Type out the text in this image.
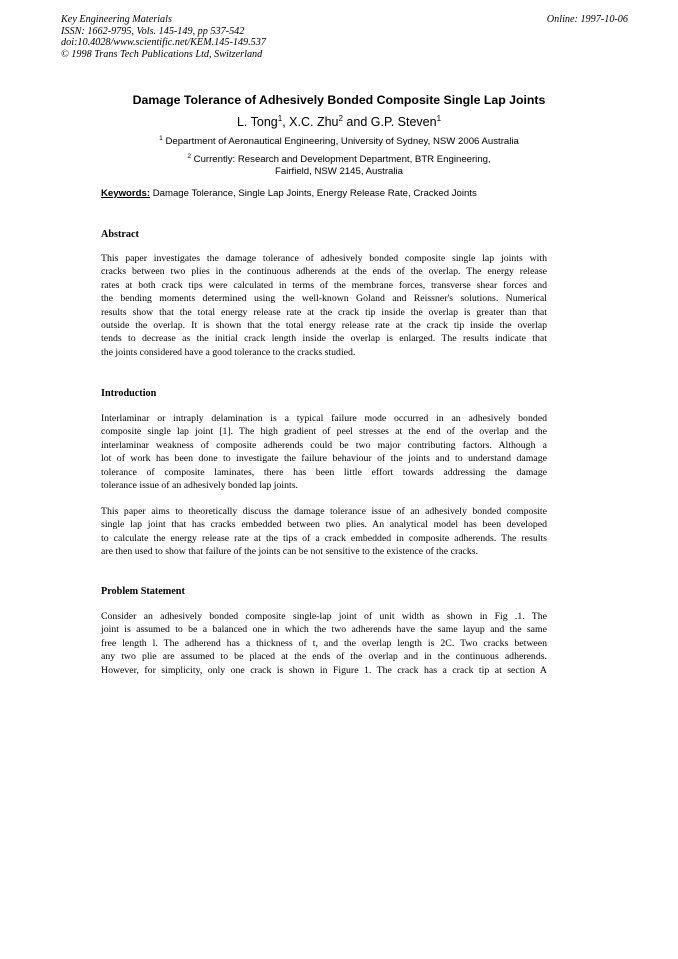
Key Engineering Materials
ISSN: 1662-9795, Vols. 145-149, pp 537-542
doi:10.4028/www.scientific.net/KEM.145-149.537
© 1998 Trans Tech Publications Ltd, Switzerland
Online: 1997-10-06
Damage Tolerance of Adhesively Bonded Composite Single Lap Joints
L. Tong$^1$, X.C. Zhu$^2$ and G.P. Steven$^1$
$^1$ Department of Aeronautical Engineering, University of Sydney, NSW 2006 Australia
$^2$ Currently: Research and Development Department, BTR Engineering,
Fairfield, NSW 2145, Australia
Keywords: Damage Tolerance, Single Lap Joints, Energy Release Rate, Cracked Joints
Abstract
This paper investigates the damage tolerance of adhesively bonded composite single lap joints with
cracks between two plies in the continuous adherends at the ends of the overlap. The energy release
rates at both crack tips were calculated in terms of the membrane forces, transverse shear forces and
the bending moments determined using the well-known Goland and Reissner's solutions. Numerical
results show that the total energy release rate at the crack tip inside the overlap is greater than that
outside the overlap. It is shown that the total energy release rate at the crack tip inside the overlap
tends to decrease as the initial crack length inside the overlap is enlarged. The results indicate that
the joints considered have a good tolerance to the cracks studied.
Introduction
Interlaminar or intraply delamination is a typical failure mode occurred in an adhesively bonded
composite single lap joint [1]. The high gradient of peel stresses at the end of the overlap and the
interlaminar weakness of composite adherends could be two major contributing factors. Although a
lot of work has been done to investigate the failure behaviour of the joints and to understand damage
tolerance of composite laminates, there has been little effort towards addressing the damage
tolerance issue of an adhesively bonded lap joints.
This paper aims to theoretically discuss the damage tolerance issue of an adhesively bonded composite
single lap joint that has cracks embedded between two plies. An analytical model has been developed
to calculate the energy release rate at the tips of a crack embedded in composite adherends. The results
are then used to show that failure of the joints can be not sensitive to the existence of the cracks.
Problem Statement
Consider an adhesively bonded composite single-lap joint of unit width as shown in Fig .1. The
joint is assumed to be a balanced one in which the two adherends have the same layup and the same
free length l. The adherend has a thickness of t, and the overlap length is 2C. Two cracks between
any two plie are assumed to be placed at the ends of the overlap and in the continuous adherends.
However, for simplicity, only one crack is shown in Figure 1. The crack has a crack tip at section A
